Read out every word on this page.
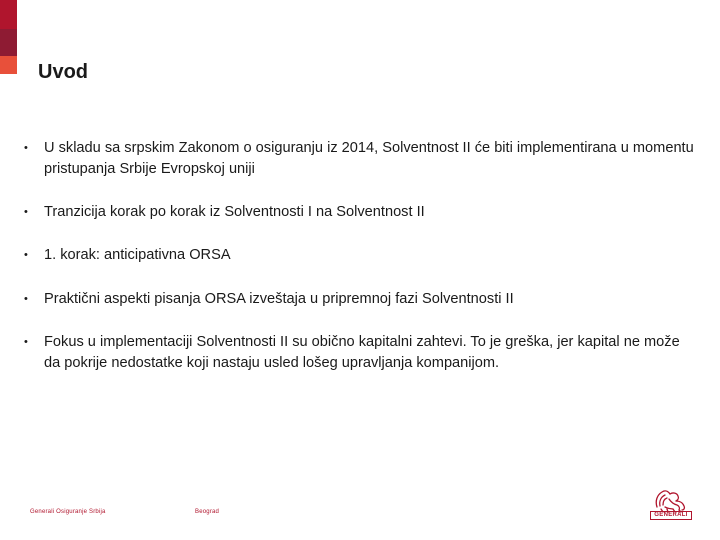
Uvod
•	U skladu sa srpskim Zakonom o osiguranju iz 2014, Solventnost II će biti implementirana u momentu pristupanja Srbije Evropskoj uniji
•	Tranzicija korak po korak iz Solventnosti I na Solventnost II
•	1. korak: anticipativna ORSA
•	Praktični aspekti pisanja ORSA izveštaja u pripremnoj fazi Solventnosti II
•	Fokus u implementaciji Solventnosti II su obično kapitalni zahtevi. To je greška, jer kapital ne može da pokrije nedostatke koji nastaju usled lošeg upravljanja kompanijom.
Generali Osiguranje Srbija	Beograd	GENERALI
